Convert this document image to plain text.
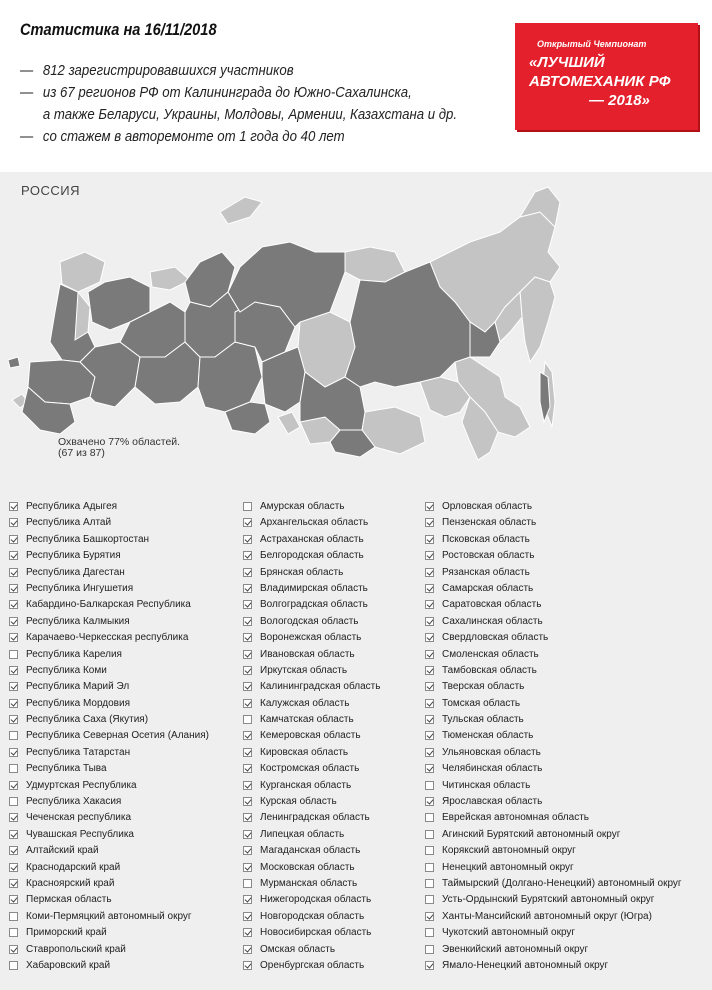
Статистика на 16/11/2018
— 812 зарегистрировавшихся участников
— из 67 регионов РФ от Калининграда до Южно-Сахалинска,
а также Беларуси, Украины, Молдовы, Армении, Казахстана и др.
— со стажем в авторемонте от 1 года до 40 лет
Открытый Чемпионат
«ЛУЧШИЙ
АВТОМЕХАНИК РФ
— 2018»
РОССИЯ
Охвачено 77% областей.
(67 из 87)
Республика Адыгея
Республика Алтай
Республика Башкортостан
Республика Бурятия
Республика Дагестан
Республика Ингушетия
Кабардино-Балкарская Республика
Республика Калмыкия
Карачаево-Черкесская республика
Республика Карелия
Республика Коми
Республика Марий Эл
Республика Мордовия
Республика Саха (Якутия)
Республика Северная Осетия (Алания)
Республика Татарстан
Республика Тыва
Удмуртская Республика
Республика Хакасия
Чеченская республика
Чувашская Республика
Алтайский край
Краснодарский край
Красноярский край
Пермская область
Коми-Пермяцкий автономный округ
Приморский край
Ставропольский край
Хабаровский край
Амурская область
Архангельская область
Астраханская область
Белгородская область
Брянская область
Владимирская область
Волгоградская область
Вологодская область
Воронежская область
Ивановская область
Иркутская область
Калининградская область
Калужская область
Камчатская область
Кемеровская область
Кировская область
Костромская область
Курганская область
Курская область
Ленинградская область
Липецкая область
Магаданская область
Московская область
Мурманская область
Нижегородская область
Новгородская область
Новосибирская область
Омская область
Оренбургская область
Орловская область
Пензенская область
Псковская область
Ростовская область
Рязанская область
Самарская область
Саратовская область
Сахалинская область
Свердловская область
Смоленская область
Тамбовская область
Тверская область
Томская область
Тульская область
Тюменская область
Ульяновская область
Челябинская область
Читинская область
Ярославская область
Еврейская автономная область
Агинский Бурятский автономный округ
Корякский автономный округ
Ненецкий автономный округ
Таймырский (Долгано-Ненецкий) автономный округ
Усть-Ордынский Бурятский автономный округ
Ханты-Мансийский автономный округ (Югра)
Чукотский автономный округ
Эвенкийский автономный округ
Ямало-Ненецкий автономный округ
